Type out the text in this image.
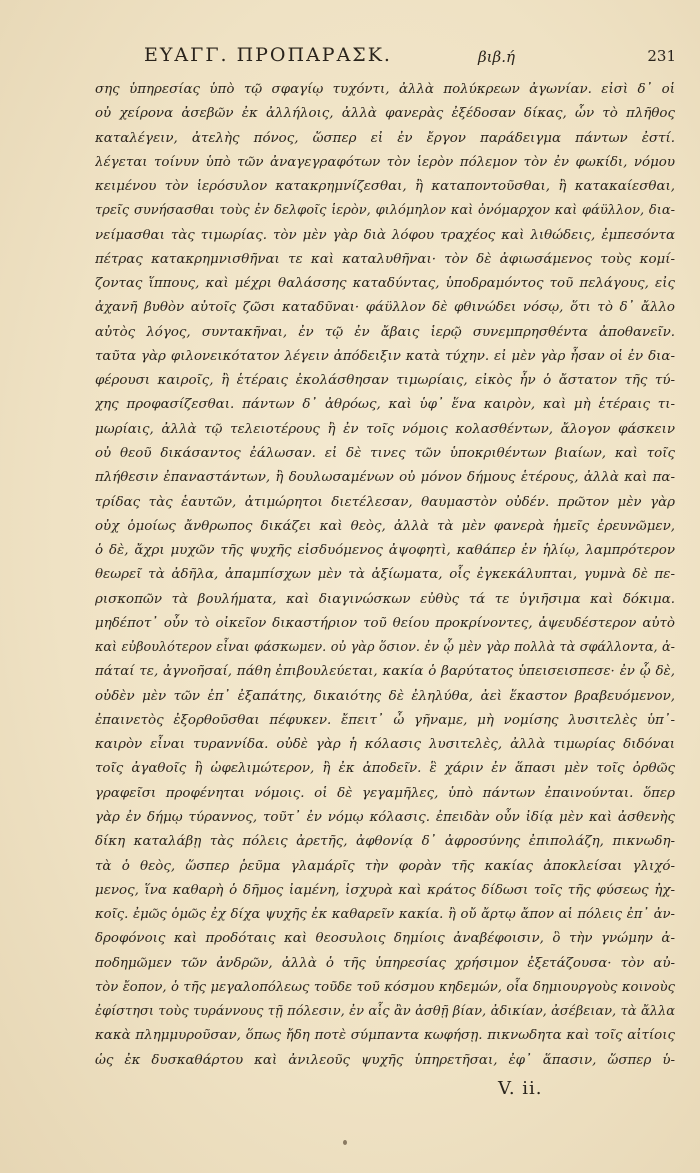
ΕΥΑΓΓ. ΠΡΟΠΑΡΑΣΚ.	βιβ.ή	231
σης ὑπηρεσίας ὑπὸ τῷ σφαγίῳ τυχόντι, ἀλλὰ πολύκρεων ἀγωνίαν. εἰσὶ δ᾽ οἱ
οὐ χείρονα ἀσεβῶν ἐκ ἀλλήλοις, ἀλλὰ φανερὰς ἐξέδοσαν δίκας, ὧν τὸ πλῆθος
καταλέγειν, ἀτελὴς πόνος, ὥσπερ εἰ ἐν ἔργον παράδειγμα πάντων ἐστί.
λέγεται τοίνυν ὑπὸ τῶν ἀναγεγραφότων τὸν ἱερὸν πόλεμον τὸν ἐν φωκίδι, νόμου
κειμένου τὸν ἱερόσυλον κατακρημνίζεσθαι, ἢ καταποντοῦσθαι, ἢ κατακαίεσθαι,
τρεῖς συνήσασθαι τοὺς ἐν δελφοῖς ἱερὸν, φιλόμηλον καὶ ὀνόμαρχον καὶ φάϋλλον, δια-
νείμασθαι τὰς τιμωρίας. τὸν μὲν γὰρ διὰ λόφου τραχέος καὶ λιθώδεις, ἐμπεσόντα
πέτρας κατακρημνισθῆναι τε καὶ καταλυθῆναι· τὸν δὲ ἀφιωσάμενος τοὺς κομί-
ζοντας ἵππους, καὶ μέχρι θαλάσσης καταδύντας, ὑποδραμόντος τοῦ πελάγους, εἰς
ἀχανῆ βυθὸν αὐτοῖς ζῶσι καταδῦναι· φάϋλλον δὲ φθινώδει νόσῳ, ὅτι τὸ δ᾽ ἄλλο
αὐτὸς λόγος, συντακῆναι, ἐν τῷ ἐν ἄβαις ἱερῷ συνεμπρησθέντα ἀποθανεῖν.
ταῦτα γὰρ φιλονεικότατον λέγειν ἀπόδειξιν κατὰ τύχην. εἰ μὲν γὰρ ἦσαν οἱ ἐν δια-
φέρουσι καιροῖς, ἢ ἑτέραις ἐκολάσθησαν τιμωρίαις, εἰκὸς ἦν ὁ ἄστατον τῆς τύ-
χης προφασίζεσθαι. πάντων δ᾽ ἀθρόως, καὶ ὑφ᾽ ἕνα καιρὸν, καὶ μὴ ἑτέραις τι-
μωρίαις, ἀλλὰ τῷ τελειοτέρους ἢ ἐν τοῖς νόμοις κολασθέντων, ἄλογον φάσκειν
οὐ θεοῦ δικάσαντος ἐάλωσαν. εἰ δὲ τινες τῶν ὑποκριθέντων βιαίων, καὶ τοῖς
πλήθεσιν ἐπαναστάντων, ἢ δουλωσαμένων οὐ μόνον δήμους ἑτέρους, ἀλλὰ καὶ πα-
τρίδας τὰς ἑαυτῶν, ἀτιμώρητοι διετέλεσαν, θαυμαστὸν οὐδέν. πρῶτον μὲν γὰρ
οὐχ ὁμοίως ἄνθρωπος δικάζει καὶ θεὸς, ἀλλὰ τὰ μὲν φανερὰ ἡμεῖς ἐρευνῶμεν,
ὁ δὲ, ἄχρι μυχῶν τῆς ψυχῆς εἰσδυόμενος ἀψοφητὶ, καθάπερ ἐν ἡλίῳ, λαμπρότερον
θεωρεῖ τὰ ἀδῆλα, ἀπαμπίσχων μὲν τὰ ἀξίωματα, οἷς ἐγκεκάλυπται, γυμνὰ δὲ πε-
ρισκοπῶν τὰ βουλήματα, καὶ διαγινώσκων εὐθὺς τά τε ὑγιῆσιμα καὶ δόκιμα.
μηδέποτ᾽ οὖν τὸ οἰκεῖον δικαστήριον τοῦ θείου προκρίνοντες, ἀψευδέστερον αὐτὸ
καὶ εὐβουλότερον εἶναι φάσκωμεν. οὐ γὰρ ὅσιον. ἐν ᾧ μὲν γὰρ πολλὰ τὰ σφάλλοντα, ἀ-
πάταί τε, ἀγνοῆσαί, πάθη ἐπιβουλεύεται, κακία ὁ βαρύτατος ὑπεισεισπεσε· ἐν ᾧ δὲ,
οὐδὲν μὲν τῶν ἐπ᾽ ἐξαπάτης, δικαιότης δὲ ἐληλύθα, ἀεὶ ἕκαστον βραβευόμενον,
ἐπαινετὸς ἐξορθοῦσθαι πέφυκεν. ἔπειτ᾽ ὦ γῆναμε, μὴ νομίσης λυσιτελὲς ὑπ᾽-
καιρὸν εἶναι τυραννίδα. οὐδὲ γὰρ ἡ κόλασις λυσιτελὲς, ἀλλὰ τιμωρίας διδόναι
τοῖς ἀγαθοῖς ἢ ὠφελιμώτερον, ἢ ἐκ ἀποδεῖν. ἓ χάριν ἐν ἅπασι μὲν τοῖς ὀρθῶς
γραφεῖσι προφένηται νόμοις. οἱ δὲ γεγαμῆλες, ὑπὸ πάντων ἐπαινούνται. ὅπερ
γὰρ ἐν δήμῳ τύραννος, τοῦτ᾽ ἐν νόμῳ κόλασις. ἐπειδὰν οὖν ἰδίᾳ μὲν καὶ ἀσθενὴς
δίκη καταλάβῃ τὰς πόλεις ἀρετῆς, ἀφθονίᾳ δ᾽ ἀφροσύνης ἐπιπολάζη, πικνωδη-
τὰ ὁ θεὸς, ὥσπερ ῥεῦμα γλαμάρῖς τὴν φορὰν τῆς κακίας ἀποκλείσαι γλιχό-
μενος, ἵνα καθαρὴ ὁ δῆμος ἰαμένη, ἰσχυρὰ καὶ κράτος δίδωσι τοῖς τῆς φύσεως ἠχ-
κοῖς. ἐμῶς ὁμῶς ἐχ δίχα ψυχῆς ἐκ καθαρεῖν κακία. ἢ οὔ ἄρτῳ ἄπον αἱ πόλεις ἐπ᾽ ἀν-
δροφόνοις καὶ προδόταις καὶ θεοσυλοις δημίοις ἀναβέφοισιν, ὃ τὴν γνώμην ἀ-
ποδημῶμεν τῶν ἀνδρῶν, ἀλλὰ ὁ τῆς ὑπηρεσίας χρήσιμον ἐξετάζουσα· τὸν αὐ-
τὸν ἔοπον, ὁ τῆς μεγαλοπόλεως τοῦδε τοῦ κόσμου κηδεμών, οἷα δημιουργοὺς κοινοὺς
ἐφίστησι τοὺς τυράννους τῇ πόλεσιν, ἐν αἷς ἂν ἀσθῇ βίαν, ἀδικίαν, ἀσέβειαν, τὰ ἄλλα
κακὰ πλημμυροῦσαν, ὅπως ἤδη ποτὲ σύμπαντα κωφήσῃ. πικνωδητα καὶ τοῖς αἰτίοις
ὡς ἐκ δυσκαθάρτου καὶ ἀνιλεοῦς ψυχῆς ὑπηρετῆσαι, ἐφ᾽ ἅπασιν, ὥσπερ ὑ-
V. ii.
